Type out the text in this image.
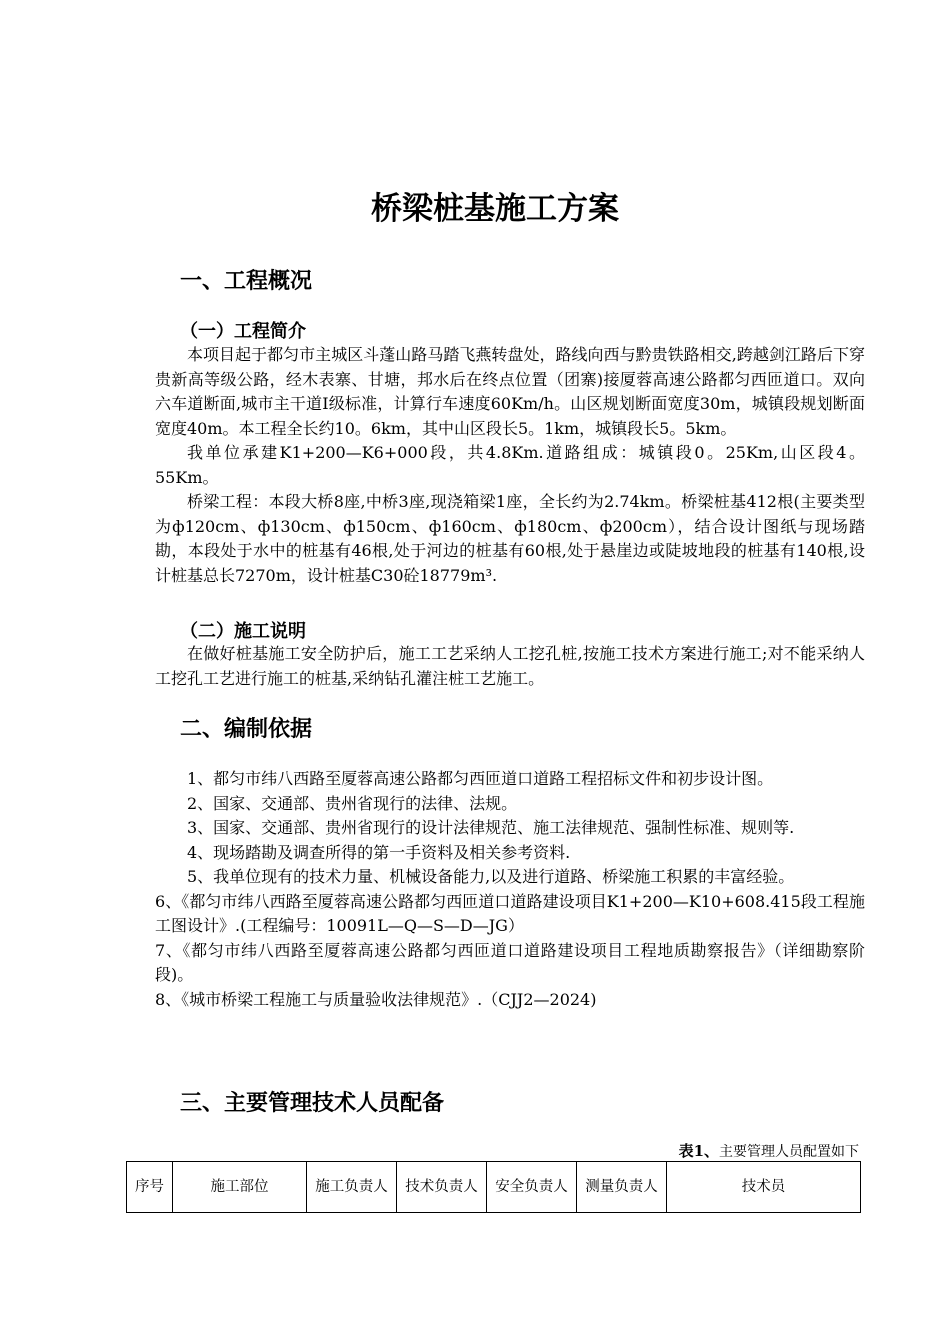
桥梁桩基施工方案
一、工程概况
（一）工程简介

本项目起于都匀市主城区斗蓬山路马踏飞燕转盘处，路线向西与黔贵铁路相交,跨越剑江路后下穿贵新高等级公路，经木表寨、甘塘，邦水后在终点位置（团寨)接厦蓉高速公路都匀西匝道口。双向六车道断面,城市主干道Ⅰ级标准，计算行车速度60Km/h。山区规划断面宽度30m，城镇段规划断面宽度40m。本工程全长约10。6km，其中山区段长5。1km，城镇段长5。5km。

我单位承建K1+200—K6+000段，共4.8Km.道路组成：城镇段0。25Km,山区段4。55Km。

桥梁工程：本段大桥8座,中桥3座,现浇箱梁1座，全长约为2.74km。桥梁桩基412根(主要类型为ф120cm、ф130cm、ф150cm、ф160cm、ф180cm、ф200cm），结合设计图纸与现场踏勘，本段处于水中的桩基有46根,处于河边的桩基有60根,处于悬崖边或陡坡地段的桩基有140根,设计桩基总长7270m，设计桩基C30砼18779m³.

（二）施工说明

在做好桩基施工安全防护后，施工工艺采纳人工挖孔桩,按施工技术方案进行施工;对不能采纳人工挖孔工艺进行施工的桩基,采纳钻孔灌注桩工艺施工。

二、编制依据

1、都匀市纬八西路至厦蓉高速公路都匀西匝道口道路工程招标文件和初步设计图。

2、国家、交通部、贵州省现行的法律、法规。

3、国家、交通部、贵州省现行的设计法律规范、施工法律规范、强制性标准、规则等.

4、现场踏勘及调查所得的第一手资料及相关参考资料.

5、我单位现有的技术力量、机械设备能力,以及进行道路、桥梁施工积累的丰富经验。

6、《都匀市纬八西路至厦蓉高速公路都匀西匝道口道路建设项目K1+200—K10+608.415段工程施工图设计》.(工程编号：10091L—Q—S—D—JG）

7、《都匀市纬八西路至厦蓉高速公路都匀西匝道口道路建设项目工程地质勘察报告》（详细勘察阶段)。

8、《城市桥梁工程施工与质量验收法律规范》.（CJJ2—2024)

三、主要管理技术人员配备
表1、主要管理人员配置如下
序号	施工部位	施工负责人	技术负责人	安全负责人	测量负责人	技术员
